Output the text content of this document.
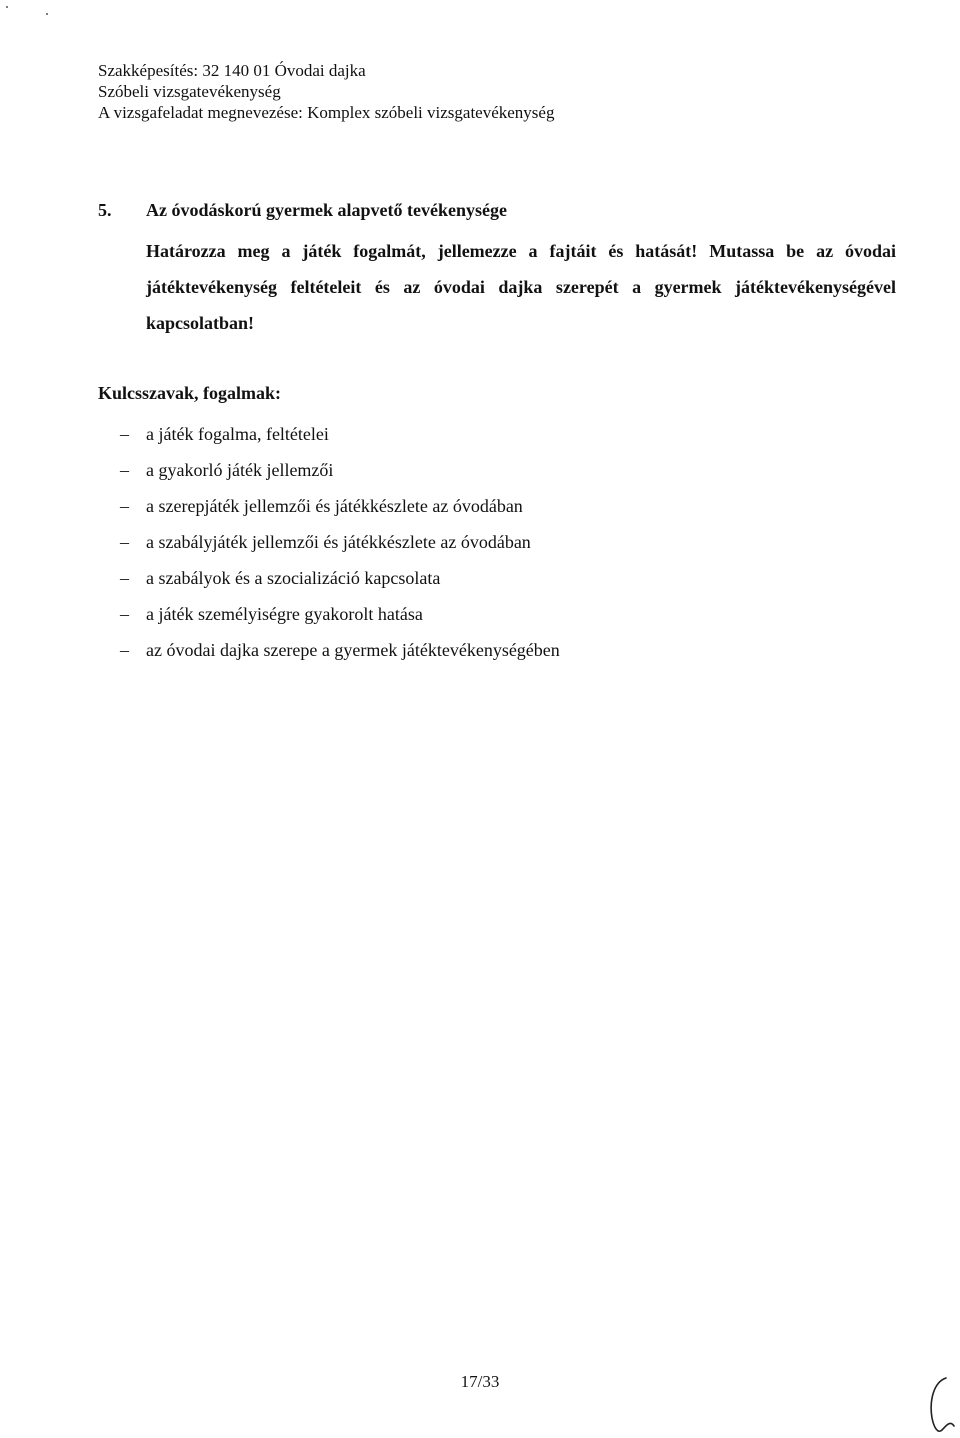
Szakképesítés: 32 140 01 Óvodai dajka
Szóbeli vizsgatevékenység
A vizsgafeladat megnevezése: Komplex szóbeli vizsgatevékenység
5.	Az óvodáskorú gyermek alapvető tevékenysége
Határozza meg a játék fogalmát, jellemezze a fajtáit és hatását! Mutassa be az óvodai játéktevékenység feltételeit és az óvodai dajka szerepét a gyermek játéktevékenységével kapcsolatban!
Kulcsszavak, fogalmak:
– a játék fogalma, feltételei
– a gyakorló játék jellemzői
– a szerepjáték jellemzői és játékkészlete az óvodában
– a szabályjáték jellemzői és játékkészlete az óvodában
– a szabályok és a szocializáció kapcsolata
– a játék személyiségre gyakorolt hatása
– az óvodai dajka szerepe a gyermek játéktevékenységében
17/33
